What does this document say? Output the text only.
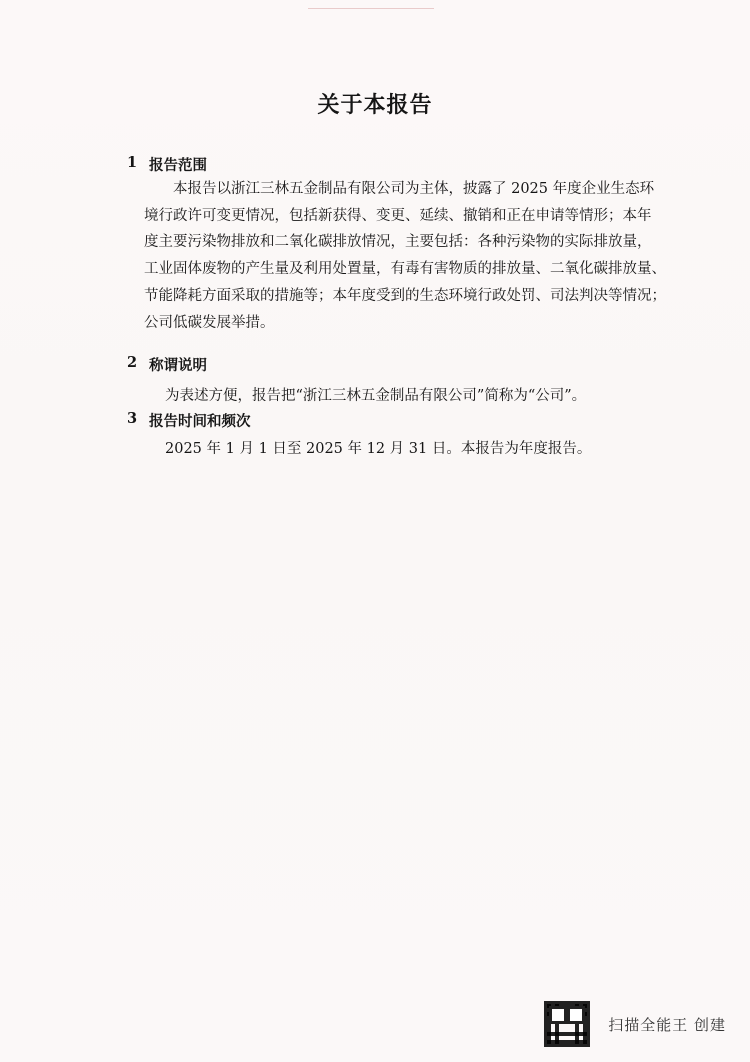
关于本报告
1 报告范围
本报告以浙江三林五金制品有限公司为主体，披露了 2025 年度企业生态环
境行政许可变更情况，包括新获得、变更、延续、撤销和正在申请等情形；本年
度主要污染物排放和二氧化碳排放情况，主要包括：各种污染物的实际排放量，
工业固体废物的产生量及利用处置量，有毒有害物质的排放量、二氧化碳排放量、
节能降耗方面采取的措施等；本年度受到的生态环境行政处罚、司法判决等情况；
公司低碳发展举措。
2 称谓说明
为表述方便，报告把“浙江三林五金制品有限公司”简称为“公司”。
3 报告时间和频次
2025 年 1 月 1 日至 2025 年 12 月 31 日。本报告为年度报告。
扫描全能王 创建
